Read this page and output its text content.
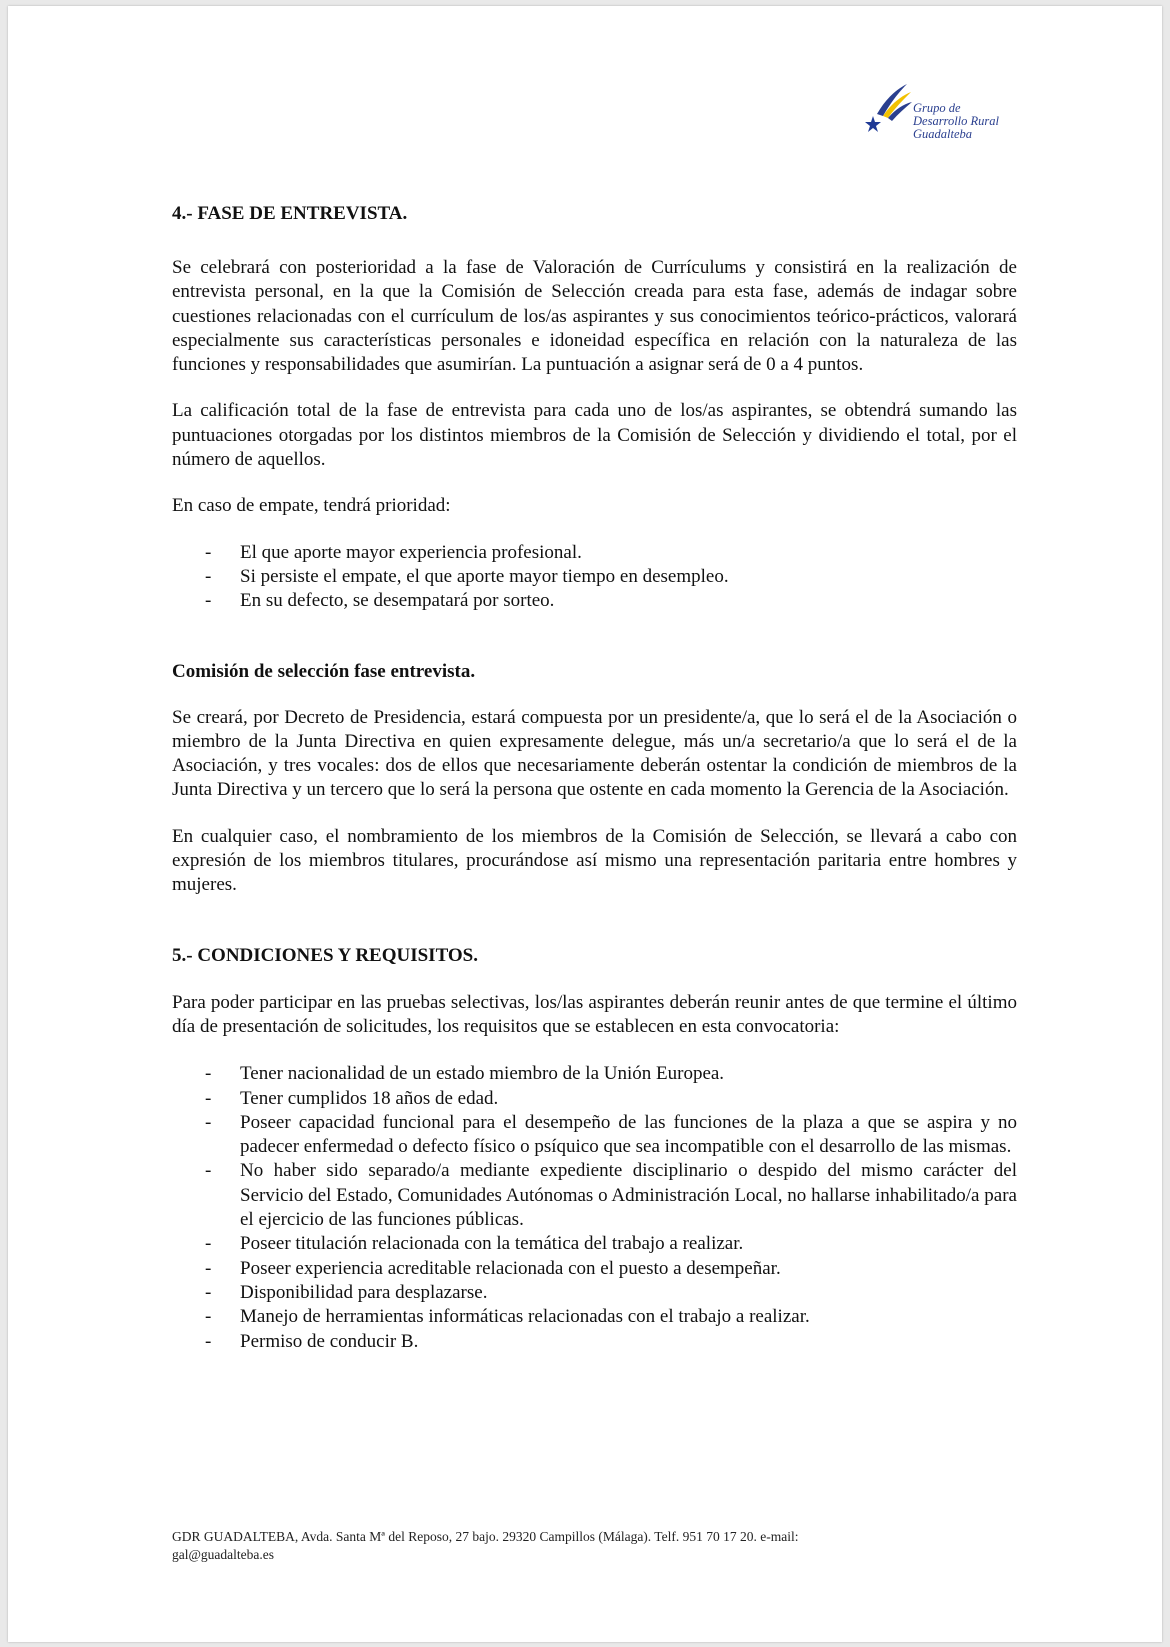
Grupo de
Desarrollo Rural
Guadalteba
4.- FASE DE ENTREVISTA.

Se celebrará con posterioridad a la fase de Valoración de Currículums y consistirá en la realización de entrevista personal, en la que la Comisión de Selección creada para esta fase, además de indagar sobre cuestiones relacionadas con el currículum de los/as aspirantes y sus conocimientos teórico-prácticos, valorará especialmente sus características personales e idoneidad específica en relación con la naturaleza de las funciones y responsabilidades que asumirían. La puntuación a asignar será de 0 a 4 puntos.

La calificación total de la fase de entrevista para cada uno de los/as aspirantes, se obtendrá sumando las puntuaciones otorgadas por los distintos miembros de la Comisión de Selección y dividiendo el total, por el número de aquellos.

En caso de empate, tendrá prioridad:

- El que aporte mayor experiencia profesional.
- Si persiste el empate, el que aporte mayor tiempo en desempleo.
- En su defecto, se desempatará por sorteo.
Comisión de selección fase entrevista.

Se creará, por Decreto de Presidencia, estará compuesta por un presidente/a, que lo será el de la Asociación o miembro de la Junta Directiva en quien expresamente delegue, más un/a secretario/a que lo será el de la Asociación, y tres vocales: dos de ellos que necesariamente deberán ostentar la condición de miembros de la Junta Directiva y un tercero que lo será la persona que ostente en cada momento la Gerencia de la Asociación.

En cualquier caso, el nombramiento de los miembros de la Comisión de Selección, se llevará a cabo con expresión de los miembros titulares, procurándose así mismo una representación paritaria entre hombres y mujeres.

5.- CONDICIONES Y REQUISITOS.

Para poder participar en las pruebas selectivas, los/las aspirantes deberán reunir antes de que termine el último día de presentación de solicitudes, los requisitos que se establecen en esta convocatoria:

- Tener nacionalidad de un estado miembro de la Unión Europea.
- Tener cumplidos 18 años de edad.
- Poseer capacidad funcional para el desempeño de las funciones de la plaza a que se aspira y no padecer enfermedad o defecto físico o psíquico que sea incompatible con el desarrollo de las mismas.
- No haber sido separado/a mediante expediente disciplinario o despido del mismo carácter del Servicio del Estado, Comunidades Autónomas o Administración Local, no hallarse inhabilitado/a para el ejercicio de las funciones públicas.
- Poseer titulación relacionada con la temática del trabajo a realizar.
- Poseer experiencia acreditable relacionada con el puesto a desempeñar.
- Disponibilidad para desplazarse.
- Manejo de herramientas informáticas relacionadas con el trabajo a realizar.
- Permiso de conducir B.
GDR GUADALTEBA, Avda. Santa Mª del Reposo, 27 bajo. 29320 Campillos (Málaga). Telf. 951 70 17 20. e-mail:
gal@guadalteba.es
